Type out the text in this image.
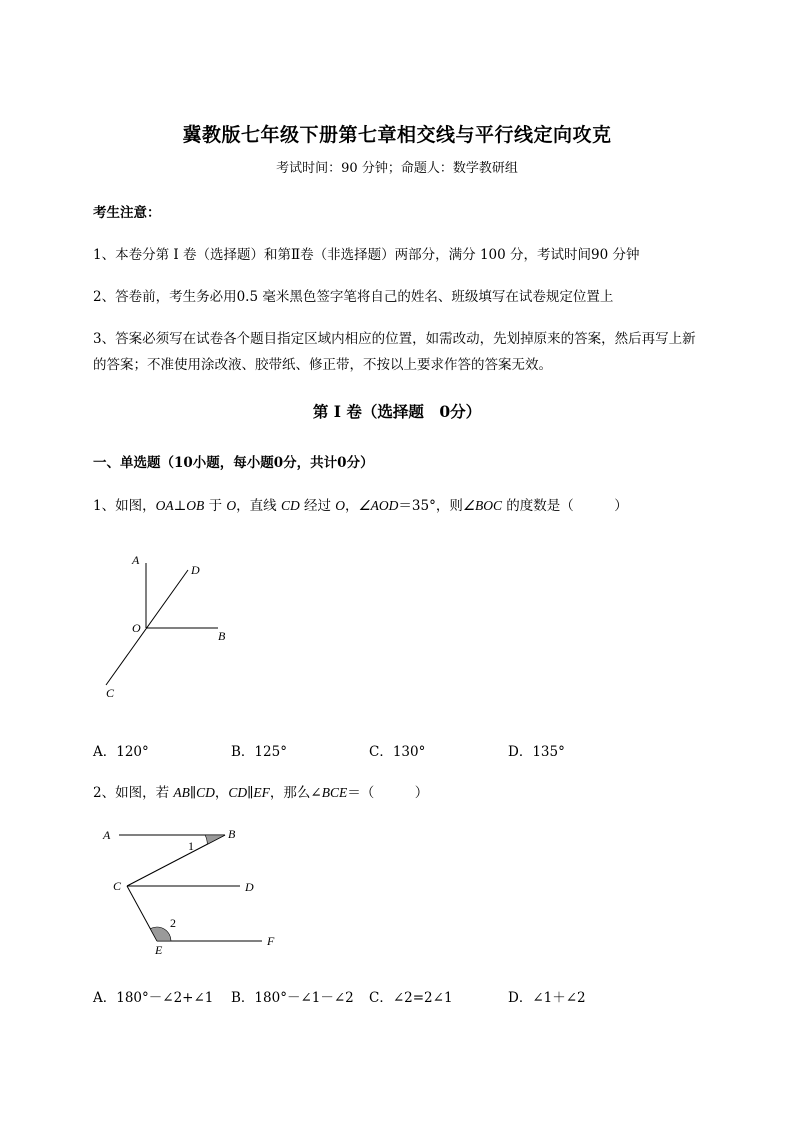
冀教版七年级下册第七章相交线与平行线定向攻克
考试时间：90 分钟；命题人：数学教研组
考生注意：
1、本卷分第 I 卷（选择题）和第Ⅱ卷（非选择题）两部分，满分 100 分，考试时间90 分钟
2、答卷前，考生务必用0.5 毫米黑色签字笔将自己的姓名、班级填写在试卷规定位置上
3、答案必须写在试卷各个题目指定区域内相应的位置，如需改动，先划掉原来的答案，然后再写上新
的答案；不准使用涂改液、胶带纸、修正带，不按以上要求作答的答案无效。
第 I 卷（选择题　0分）
一、单选题（10小题，每小题0分，共计0分）
1、如图，OA⊥OB 于 O，直线 CD 经过 O，∠AOD＝35°，则∠BOC 的度数是（　　　）
A
D
O
B
C
A．120°	B．125°	C．130°	D．135°
2、如图，若 AB∥CD，CD∥EF，那么∠BCE＝（　　　）
A	B
1
C	D
2
E
F
A．180°－∠2+∠1 B．180°－∠1－∠2 C．∠2=2∠1	D．∠1＋∠2
